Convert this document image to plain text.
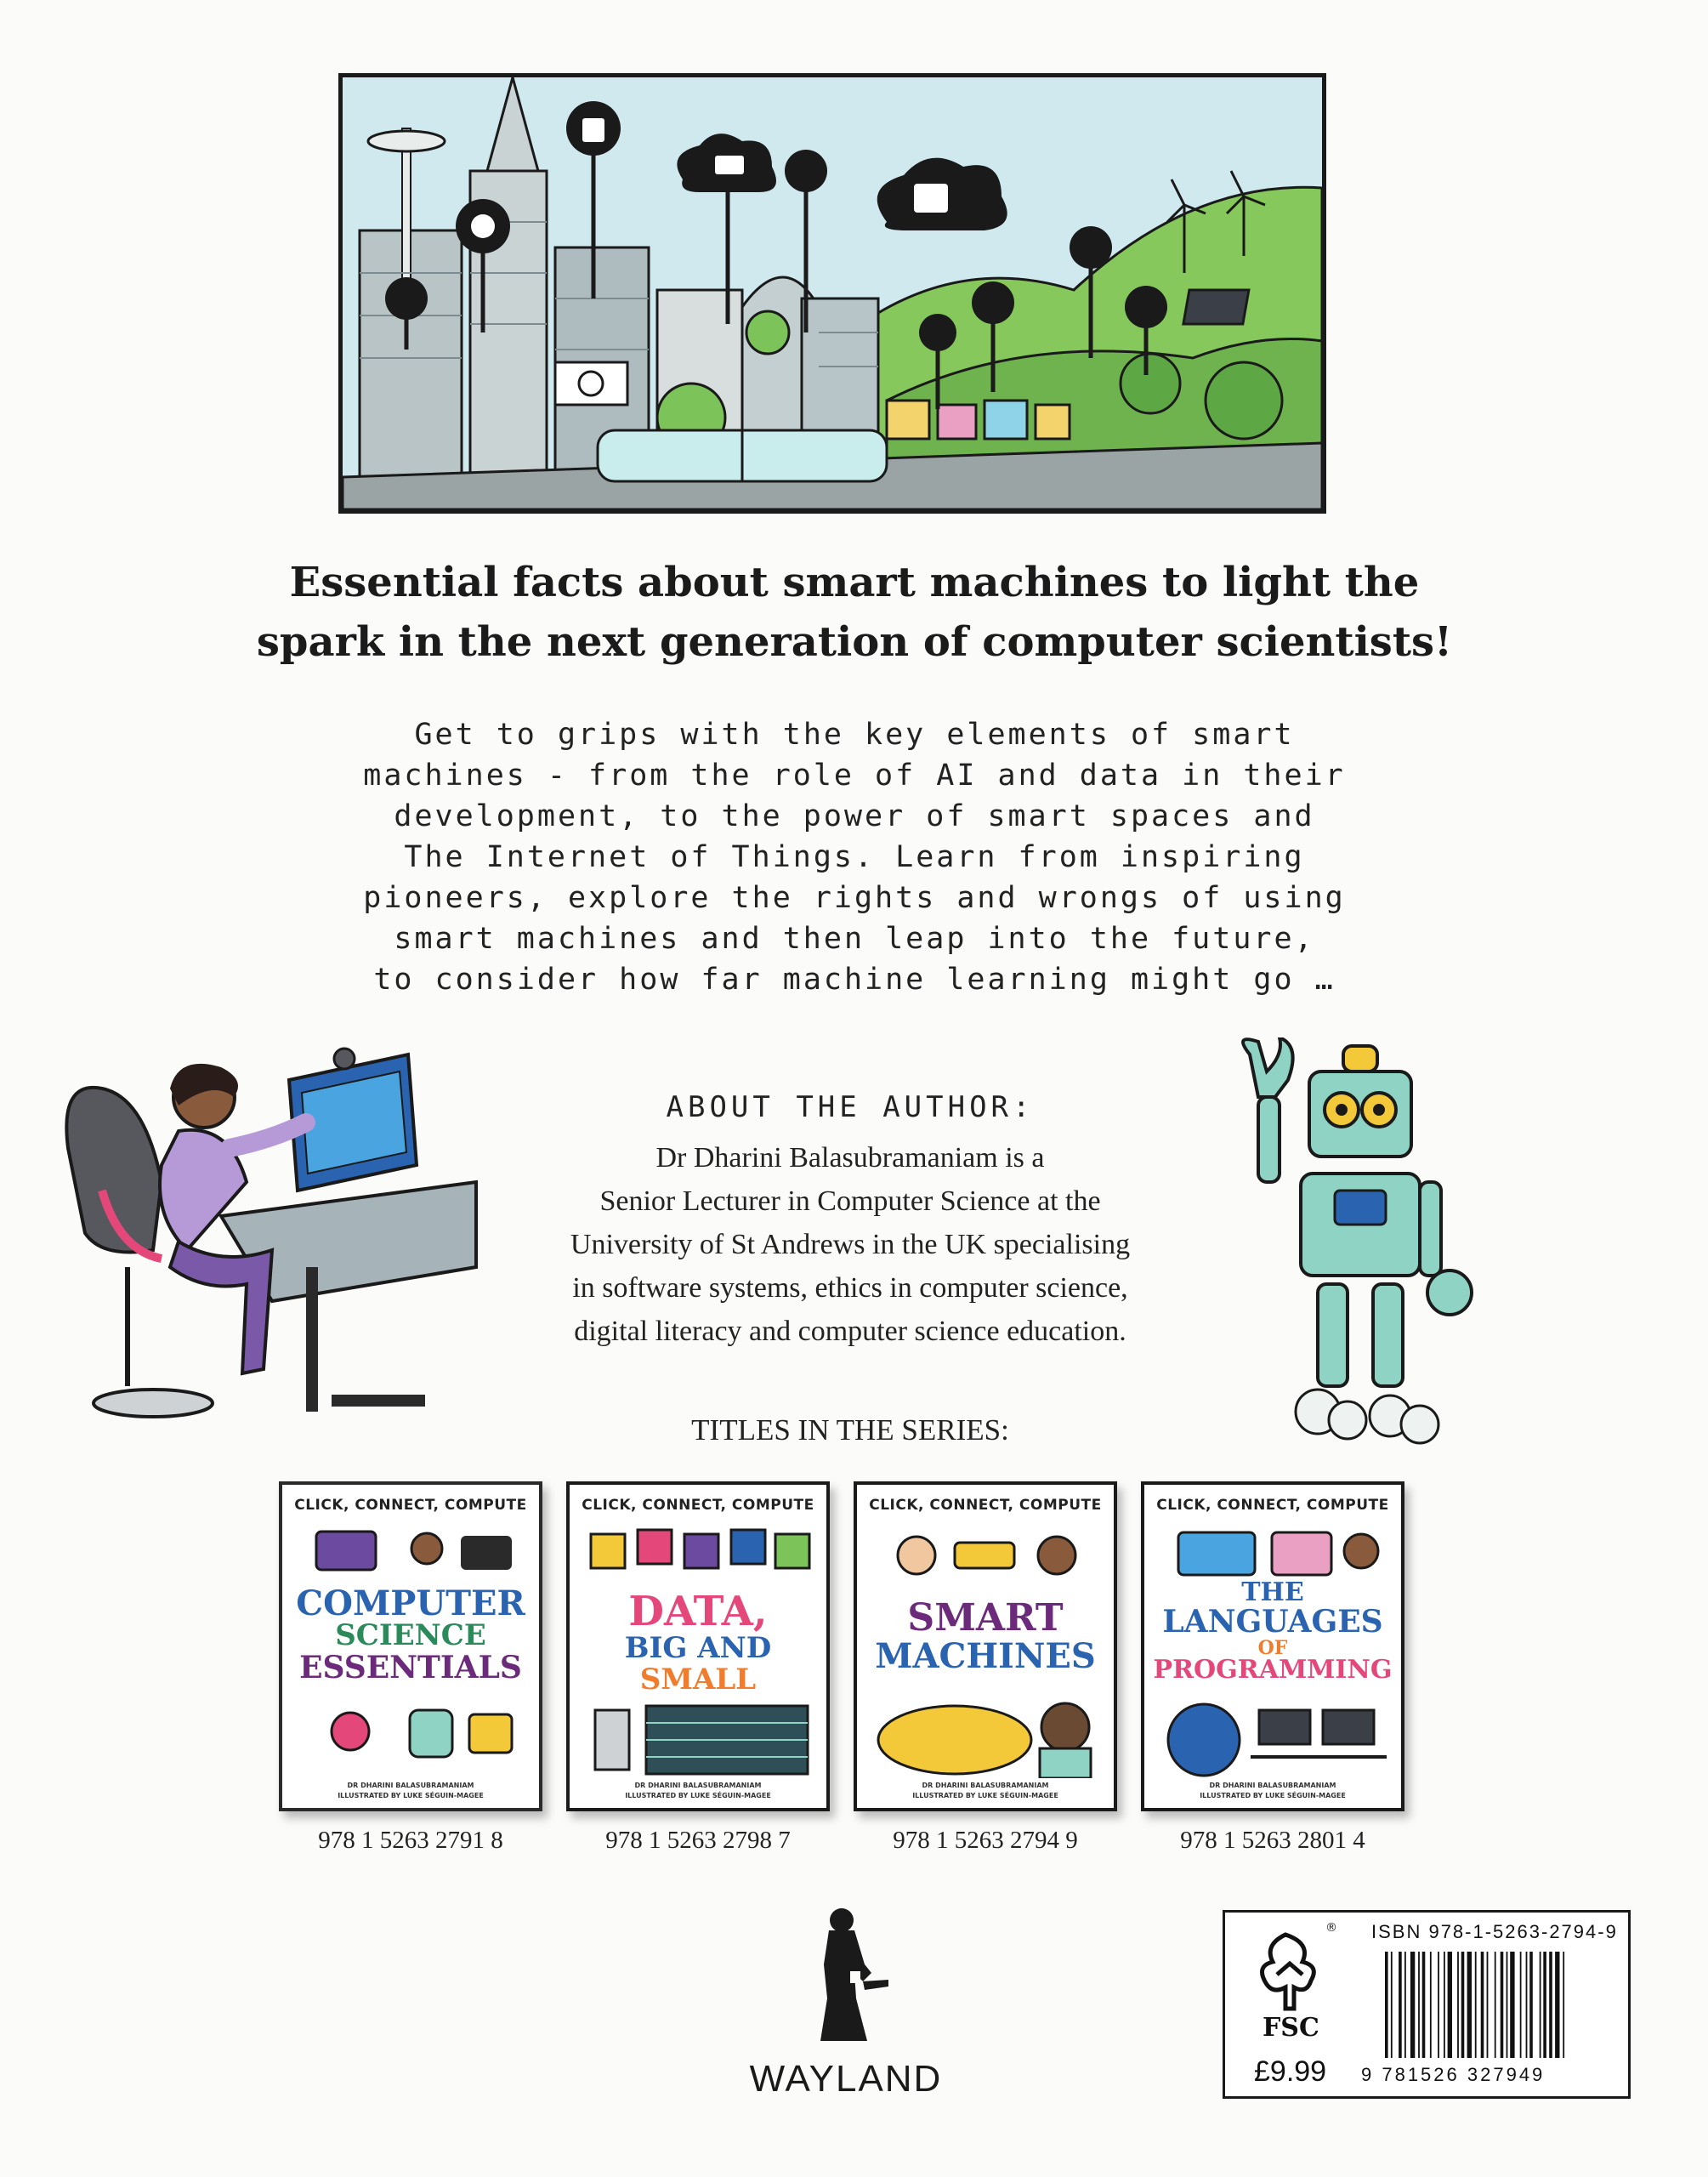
Essential facts about smart machines to light the
spark in the next generation of computer scientists!
Get to grips with the key elements of smart
machines - from the role of AI and data in their
development, to the power of smart spaces and
The Internet of Things. Learn from inspiring
pioneers, explore the rights and wrongs of using
smart machines and then leap into the future,
to consider how far machine learning might go …
ABOUT THE AUTHOR:
Dr Dharini Balasubramaniam is a
Senior Lecturer in Computer Science at the
University of St Andrews in the UK specialising
in software systems, ethics in computer science,
digital literacy and computer science education.
TITLES IN THE SERIES:
CLICK, CONNECT, COMPUTE
COMPUTER
SCIENCE
ESSENTIALS
DR DHARINI BALASUBRAMANIAM
ILLUSTRATED BY LUKE SÉGUIN-MAGEE
978 1 5263 2791 8
CLICK, CONNECT, COMPUTE
DATA,
BIG AND
SMALL
DR DHARINI BALASUBRAMANIAM
ILLUSTRATED BY LUKE SÉGUIN-MAGEE
978 1 5263 2798 7
CLICK, CONNECT, COMPUTE
SMART
MACHINES
DR DHARINI BALASUBRAMANIAM
ILLUSTRATED BY LUKE SÉGUIN-MAGEE
978 1 5263 2794 9
CLICK, CONNECT, COMPUTE
THE
LANGUAGES
OF
PROGRAMMING
DR DHARINI BALASUBRAMANIAM
ILLUSTRATED BY LUKE SÉGUIN-MAGEE
978 1 5263 2801 4
WAYLAND
®
FSC
£9.99
ISBN 978-1-5263-2794-9
9 781526 327949
